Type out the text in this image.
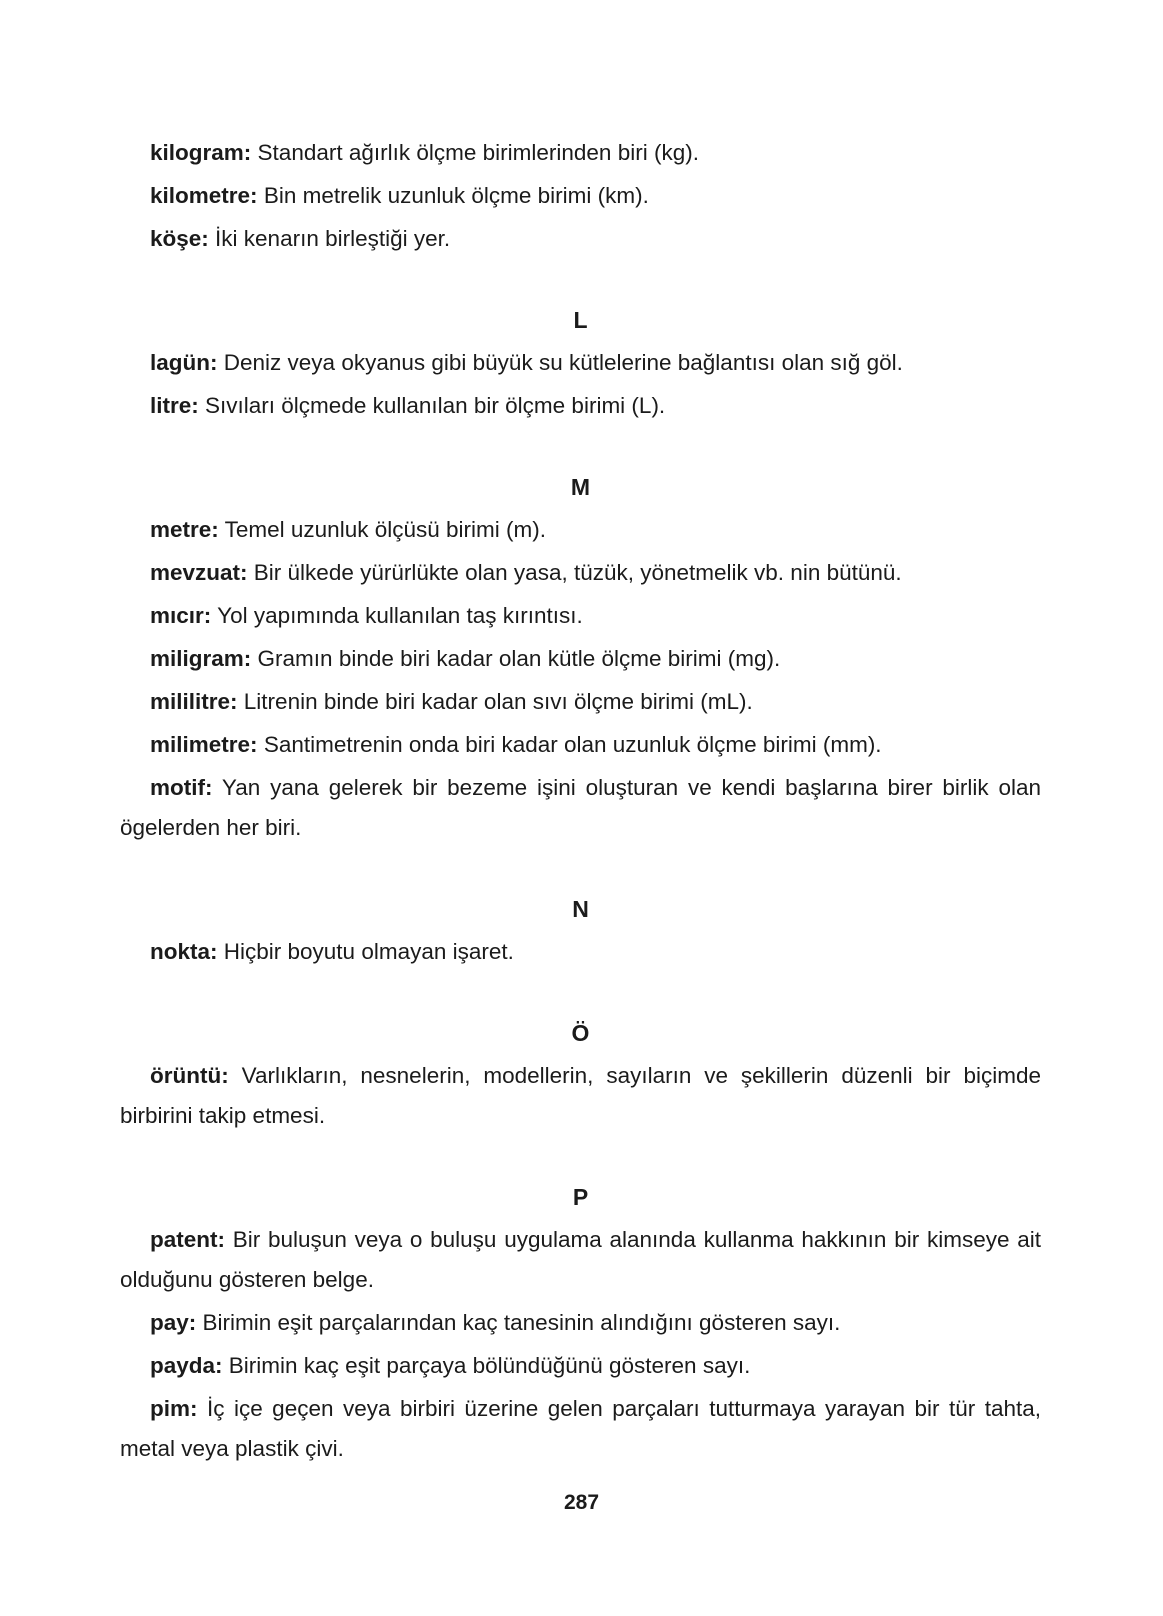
kilogram: Standart ağırlık ölçme birimlerinden biri (kg).

kilometre: Bin metrelik uzunluk ölçme birimi (km).

köşe: İki kenarın birleştiği yer.

L

lagün: Deniz veya okyanus gibi büyük su kütlelerine bağlantısı olan sığ göl.

litre: Sıvıları ölçmede kullanılan bir ölçme birimi (L).

M

metre: Temel uzunluk ölçüsü birimi (m).

mevzuat: Bir ülkede yürürlükte olan yasa, tüzük, yönetmelik vb. nin bütünü.

mıcır: Yol yapımında kullanılan taş kırıntısı.

miligram: Gramın binde biri kadar olan kütle ölçme birimi (mg).

mililitre: Litrenin binde biri kadar olan sıvı ölçme birimi (mL).

milimetre: Santimetrenin onda biri kadar olan uzunluk ölçme birimi (mm).

motif: Yan yana gelerek bir bezeme işini oluşturan ve kendi başlarına birer birlik olan ögelerden her biri.

N

nokta: Hiçbir boyutu olmayan işaret.

Ö

örüntü: Varlıkların, nesnelerin, modellerin, sayıların ve şekillerin düzenli bir biçimde birbirini takip etmesi.

P

patent: Bir buluşun veya o buluşu uygulama alanında kullanma hakkının bir kimseye ait olduğunu gösteren belge.

pay: Birimin eşit parçalarından kaç tanesinin alındığını gösteren sayı.

payda: Birimin kaç eşit parçaya bölündüğünü gösteren sayı.

pim: İç içe geçen veya birbiri üzerine gelen parçaları tutturmaya yarayan bir tür tahta, metal veya plastik çivi.

287
